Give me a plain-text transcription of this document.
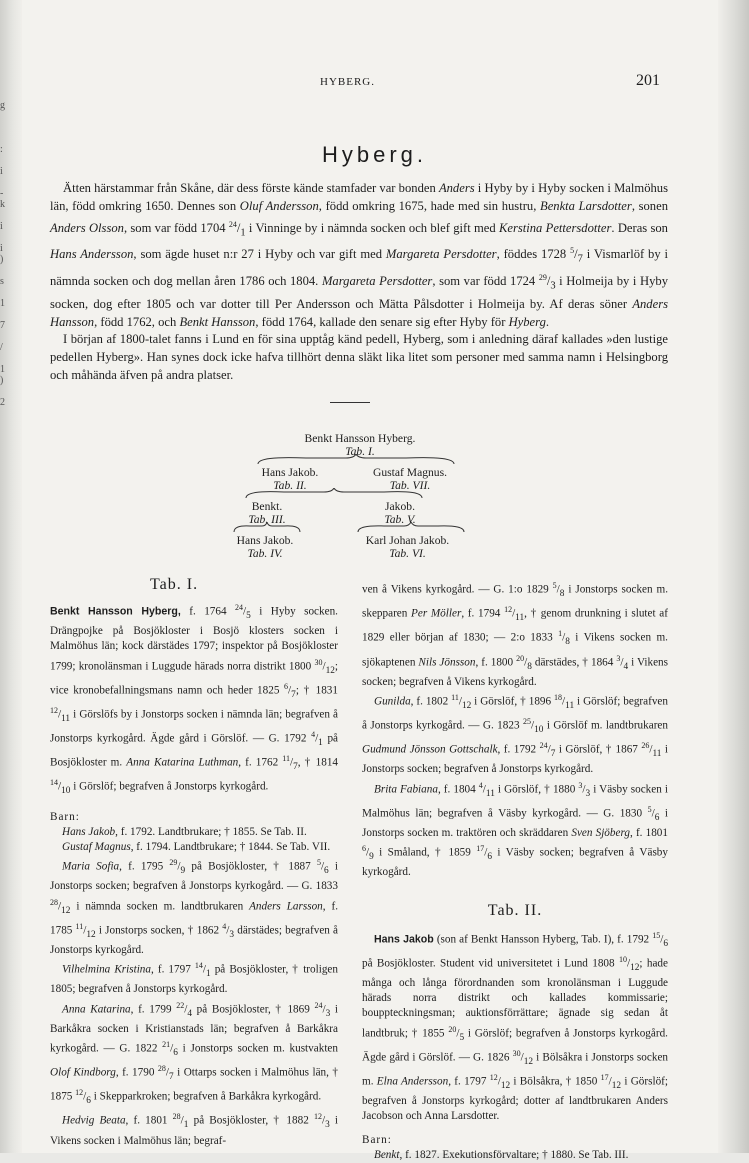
g

:

i

-
k

i

i
)

s

1

7

/

1
)

2
HYBERG.	201
Hyberg.

Ätten härstammar från Skåne, där dess förste kände stamfader var bonden Anders i Hyby by i Hyby socken i Malmöhus län, född omkring 1650. Dennes son Oluf Andersson, född omkring 1675, hade med sin hustru, Benkta Larsdotter, sonen Anders Olsson, som var född 1704 $^{24}/_1$ i Vinninge by i nämnda socken och blef gift med Kerstina Pettersdotter. Deras son Hans Andersson, som ägde huset n:r 27 i Hyby och var gift med Margareta Persdotter, föddes 1728 $^5/_7$ i Vismarlöf by i nämnda socken och dog mellan åren 1786 och 1804. Margareta Persdotter, som var född 1724 $^{29}/_3$ i Holmeija by i Hyby socken, dog efter 1805 och var dotter till Per Andersson och Mätta Pålsdotter i Holmeija by. Af deras söner Anders Hansson, född 1762, och Benkt Hansson, född 1764, kallade den senare sig efter Hyby för Hyberg.

I början af 1800-talet fanns i Lund en för sina upptåg känd pedell, Hyberg, som i anledning däraf kallades »den lustige pedellen Hyberg». Han synes dock icke hafva tillhört denna släkt lika litet som personer med samma namn i Helsingborg och måhända äfven på andra platser.

Benkt Hansson Hyberg.
Tab. I.
Hans Jakob.
Tab. II.
Gustaf Magnus.
Tab. VII.
Benkt.
Tab. III.
Jakob.
Tab. V.
Hans Jakob.
Tab. IV.
Karl Johan Jakob.
Tab. VI.
Tab. I.

Benkt Hansson Hyberg, f. 1764 $^{24}/_5$ i Hyby socken. Drängpojke på Bosjökloster i Bosjö klosters socken i Malmöhus län; kock därstädes 1797; inspektor på Bosjökloster 1799; kronolänsman i Luggude härads norra distrikt 1800 $^{30}/_{12}$; vice kronobefallningsmans namn och heder 1825 $^6/_7$; † 1831 $^{12}/_{11}$ i Görslöfs by i Jonstorps socken i nämnda län; begrafven å Jonstorps kyrkogård. Ägde gård i Görslöf. — G. 1792 $^4/_1$ på Bosjökloster m. Anna Katarina Luthman, f. 1762 $^{11}/_7$, † 1814 $^{14}/_{10}$ i Görslöf; begrafven å Jonstorps kyrkogård.

Barn:

Hans Jakob, f. 1792. Landtbrukare; † 1855. Se Tab. II.

Gustaf Magnus, f. 1794. Landtbrukare; † 1844. Se Tab. VII.

Maria Sofia, f. 1795 $^{29}/_9$ på Bosjökloster, † 1887 $^5/_6$ i Jonstorps socken; begrafven å Jonstorps kyrkogård. — G. 1833 $^{28}/_{12}$ i nämnda socken m. landtbrukaren Anders Larsson, f. 1785 $^{11}/_{12}$ i Jonstorps socken, † 1862 $^4/_3$ därstädes; begrafven å Jonstorps kyrkogård.

Vilhelmina Kristina, f. 1797 $^{14}/_1$ på Bosjökloster, † troligen 1805; begrafven å Jonstorps kyrkogård.

Anna Katarina, f. 1799 $^{22}/_4$ på Bosjökloster, † 1869 $^{24}/_3$ i Barkåkra socken i Kristianstads län; begrafven å Barkåkra kyrkogård. — G. 1822 $^{21}/_6$ i Jonstorps socken m. kustvakten Olof Kindborg, f. 1790 $^{28}/_7$ i Ottarps socken i Malmöhus län, † 1875 $^{12}/_6$ i Skepparkroken; begrafven å Barkåkra kyrkogård.

Hedvig Beata, f. 1801 $^{28}/_1$ på Bosjökloster, † 1882 $^{12}/_3$ i Vikens socken i Malmöhus län; begraf-

ven å Vikens kyrkogård. — G. 1:o 1829 $^5/_8$ i Jonstorps socken m. skepparen Per Möller, f. 1794 $^{12}/_{11}$, † genom drunkning i slutet af 1829 eller början af 1830; — 2:o 1833 $^1/_8$ i Vikens socken m. sjökaptenen Nils Jönsson, f. 1800 $^{20}/_8$ därstädes, † 1864 $^3/_4$ i Vikens socken; begrafven å Vikens kyrkogård.

Gunilda, f. 1802 $^{11}/_{12}$ i Görslöf, † 1896 $^{18}/_{11}$ i Görslöf; begrafven å Jonstorps kyrkogård. — G. 1823 $^{25}/_{10}$ i Görslöf m. landtbrukaren Gudmund Jönsson Gottschalk, f. 1792 $^{24}/_7$ i Görslöf, † 1867 $^{26}/_{11}$ i Jonstorps socken; begrafven å Jonstorps kyrkogård.

Brita Fabiana, f. 1804 $^4/_{11}$ i Görslöf, † 1880 $^3/_3$ i Väsby socken i Malmöhus län; begrafven å Väsby kyrkogård. — G. 1830 $^5/_6$ i Jonstorps socken m. traktören och skräddaren Sven Sjöberg, f. 1801 $^6/_9$ i Småland, † 1859 $^{17}/_6$ i Väsby socken; begrafven å Väsby kyrkogård.

Tab. II.

Hans Jakob (son af Benkt Hansson Hyberg, Tab. I), f. 1792 $^{15}/_6$ på Bosjökloster. Student vid universitetet i Lund 1808 $^{10}/_{12}$; hade många och långa förordnanden som kronolänsman i Luggude härads norra distrikt och kallades kommissarie; bouppteckningsman; auktionsförrättare; ägnade sig sedan åt landtbruk; † 1855 $^{20}/_5$ i Görslöf; begrafven å Jonstorps kyrkogård. Ägde gård i Görslöf. — G. 1826 $^{30}/_{12}$ i Bölsåkra i Jonstorps socken m. Elna Andersson, f. 1797 $^{12}/_{12}$ i Bölsåkra, † 1850 $^{17}/_{12}$ i Görslöf; begrafven å Jonstorps kyrkogård; dotter af landtbrukaren Anders Jacobson och Anna Larsdotter.

Barn:

Benkt, f. 1827. Exekutionsförvaltare; † 1880. Se Tab. III.
